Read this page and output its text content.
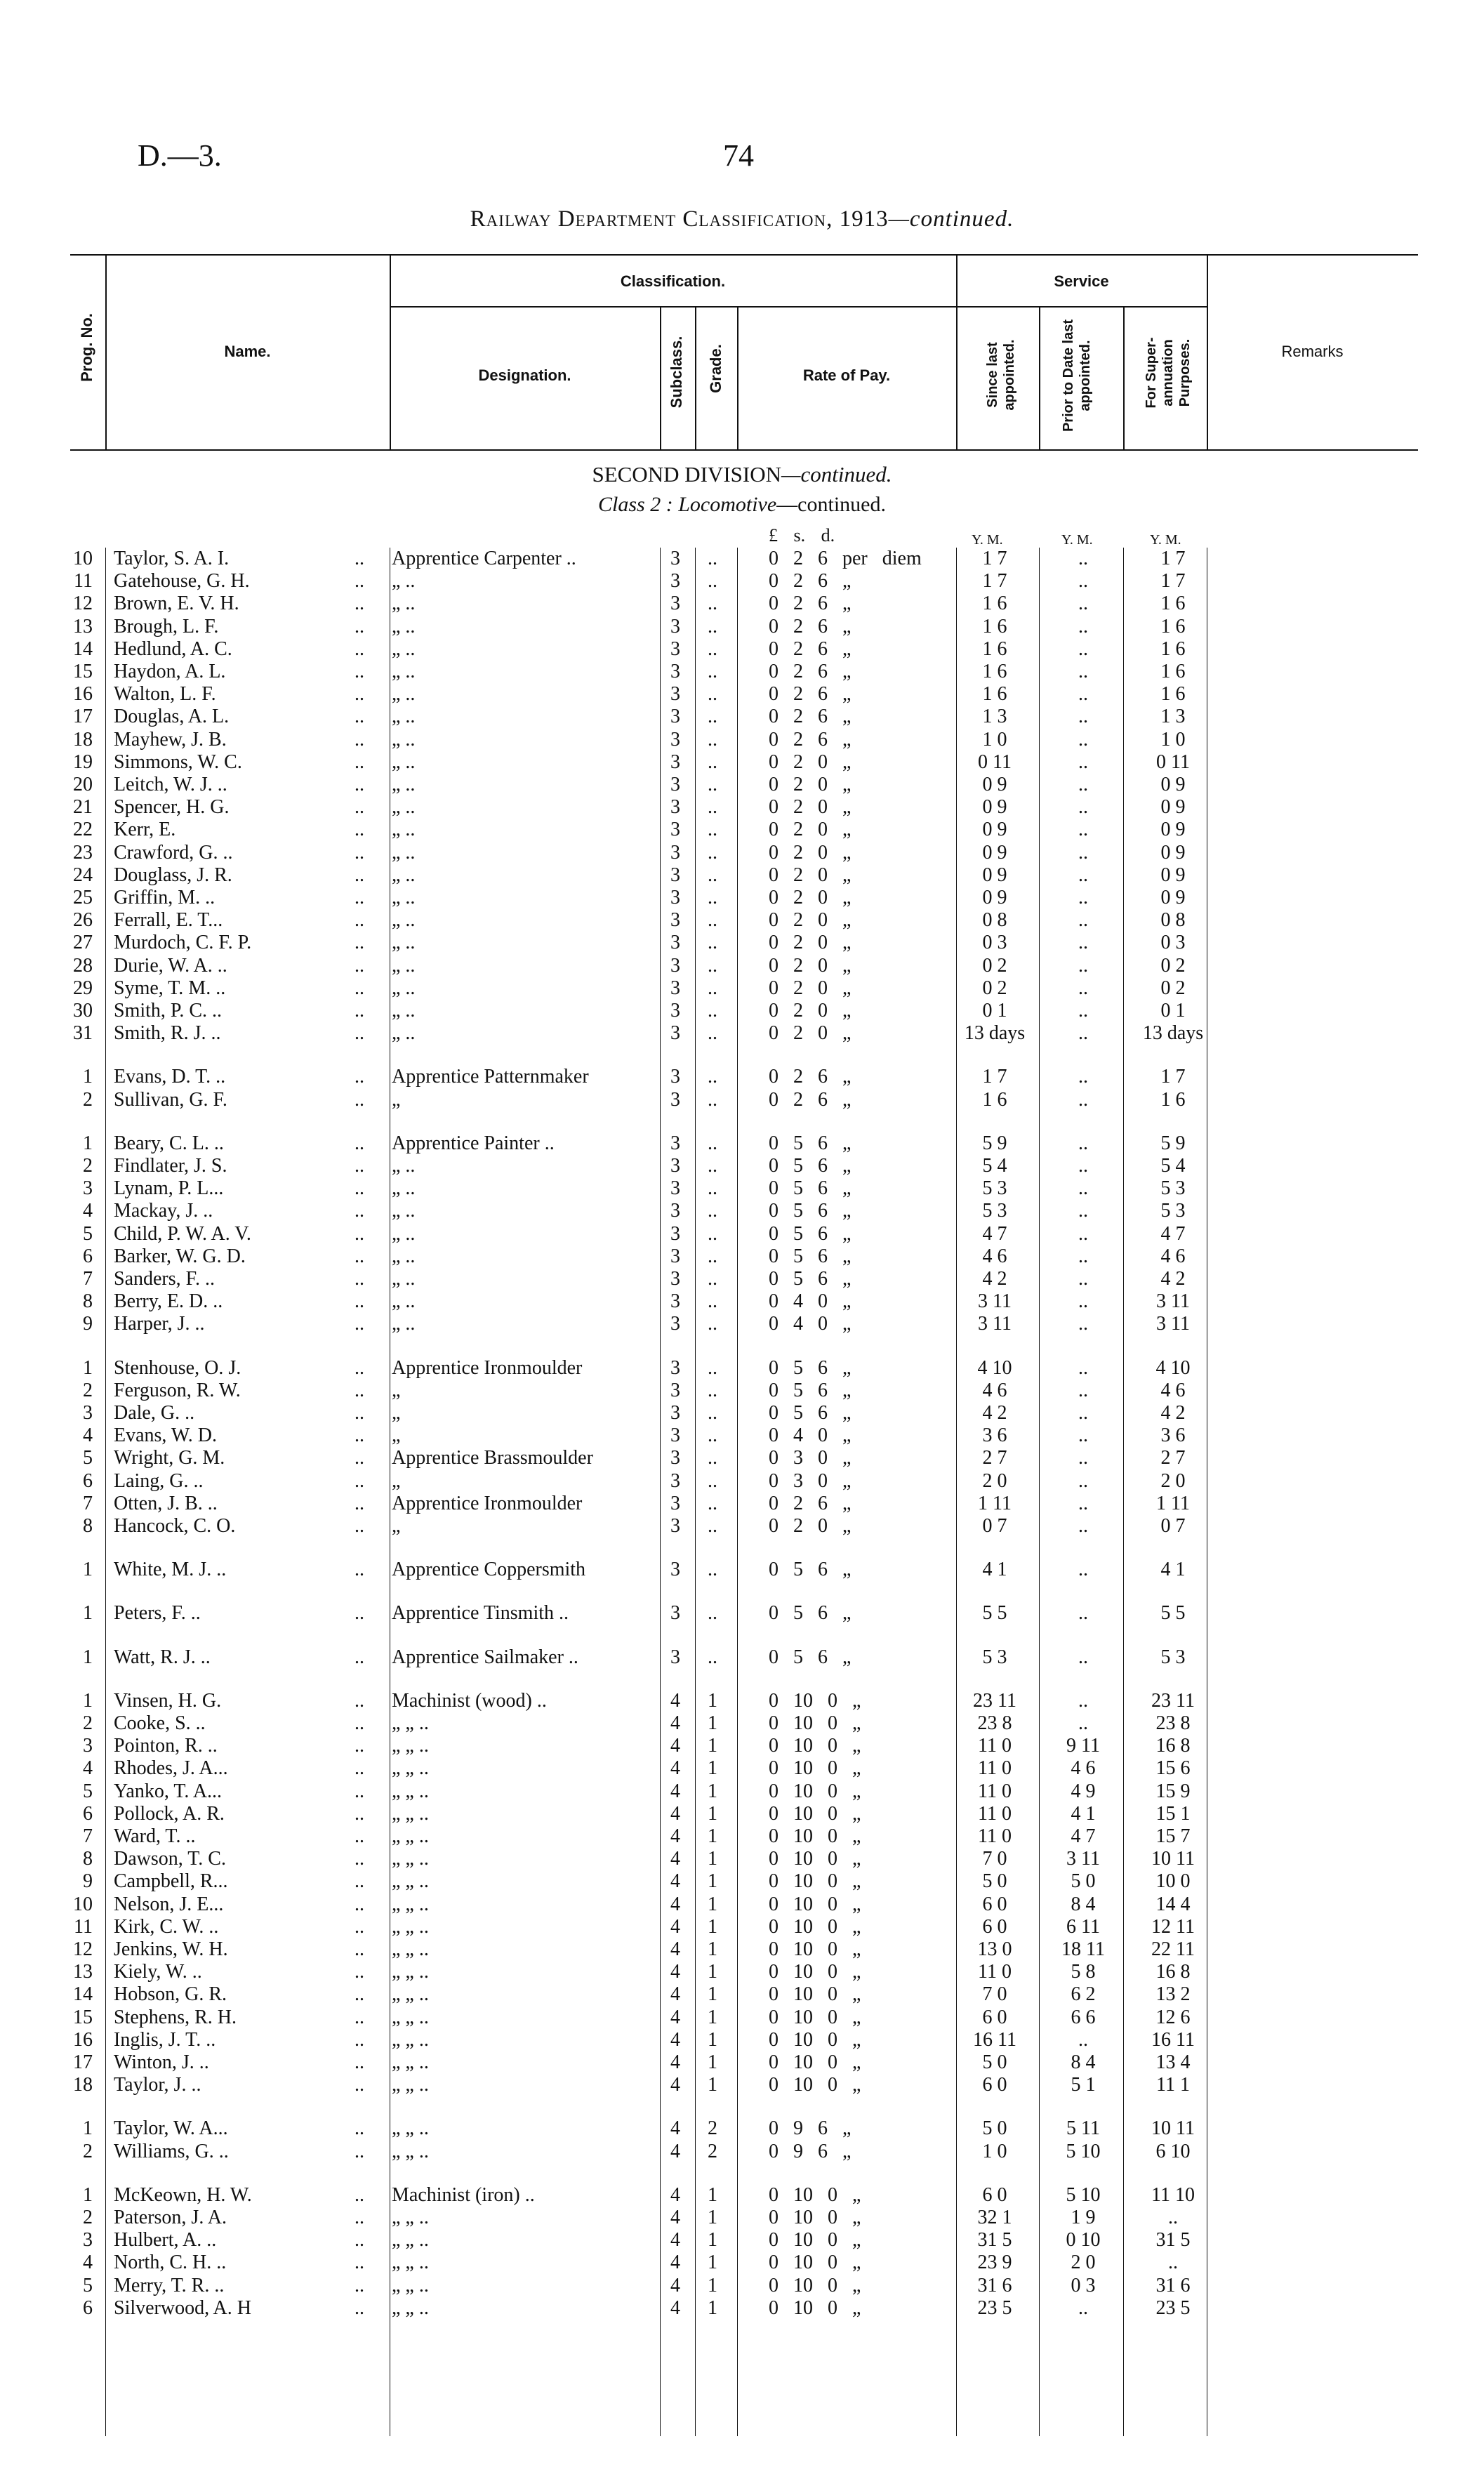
D.—3.	74
Railway Department Classification, 1913—continued.
Prog. No.	Name.
Classification.
Designation.	Subclass. Grade.	Rate of Pay.
Service
Since last appointed.	Prior to Date last appointed.	For Super- annuation Purposes.	Remarks
SECOND DIVISION—continued.
Class 2 : Locomotive—continued.
£ s. d.	Y. M.	Y. M.	Y. M.
10 Taylor, S. A. I.	.. Apprentice Carpenter ..	3 ..	0 2 6 per diem	1 7	..	1 7
11 Gatehouse, G. H.	.. „ ..	3 ..	0 2 6 „	1 7	..	1 7
12 Brown, E. V. H.	.. „ ..	3 ..	0 2 6 „	1 6	..	1 6
13 Brough, L. F.	.. „ ..	3 ..	0 2 6 „	1 6	..	1 6
14 Hedlund, A. C.	.. „ ..	3 ..	0 2 6 „	1 6	..	1 6
15 Haydon, A. L.	.. „ ..	3 ..	0 2 6 „	1 6	..	1 6
16 Walton, L. F.	.. „ ..	3 ..	0 2 6 „	1 6	..	1 6
17 Douglas, A. L.	.. „ ..	3 ..	0 2 6 „	1 3	..	1 3
18 Mayhew, J. B.	.. „ ..	3 ..	0 2 6 „	1 0	..	1 0
19 Simmons, W. C.	.. „ ..	3 ..	0 2 0 „	0 11	..	0 11
20 Leitch, W. J. ..	.. „ ..	3 ..	0 2 0 „	0 9	..	0 9
21 Spencer, H. G.	.. „ ..	3 ..	0 2 0 „	0 9	..	0 9
22 Kerr, E.	.. „ ..	3 ..	0 2 0 „	0 9	..	0 9
23 Crawford, G. ..	.. „ ..	3 ..	0 2 0 „	0 9	..	0 9
24 Douglass, J. R.	.. „ ..	3 ..	0 2 0 „	0 9	..	0 9
25 Griffin, M. ..	.. „ ..	3 ..	0 2 0 „	0 9	..	0 9
26 Ferrall, E. T...	.. „ ..	3 ..	0 2 0 „	0 8	..	0 8
27 Murdoch, C. F. P.	.. „ ..	3 ..	0 2 0 „	0 3	..	0 3
28 Durie, W. A. ..	.. „ ..	3 ..	0 2 0 „	0 2	..	0 2
29 Syme, T. M. ..	.. „ ..	3 ..	0 2 0 „	0 2	..	0 2
30 Smith, P. C. ..	.. „ ..	3 ..	0 2 0 „	0 1	..	0 1
31 Smith, R. J. ..	.. „ ..	3 ..	0 2 0 „	13 days	..	13 days
1 Evans, D. T. ..	.. Apprentice Patternmaker	3 ..	0 2 6 „	1 7	..	1 7
2 Sullivan, G. F.	.. „	3 ..	0 2 6 „	1 6	..	1 6
1 Beary, C. L. ..	.. Apprentice Painter ..	3 ..	0 5 6 „	5 9	..	5 9
2 Findlater, J. S.	.. „ ..	3 ..	0 5 6 „	5 4	..	5 4
3 Lynam, P. L...	.. „ ..	3 ..	0 5 6 „	5 3	..	5 3
4 Mackay, J. ..	.. „ ..	3 ..	0 5 6 „	5 3	..	5 3
5 Child, P. W. A. V.	.. „ ..	3 ..	0 5 6 „	4 7	..	4 7
6 Barker, W. G. D.	.. „ ..	3 ..	0 5 6 „	4 6	..	4 6
7 Sanders, F. ..	.. „ ..	3 ..	0 5 6 „	4 2	..	4 2
8 Berry, E. D. ..	.. „ ..	3 ..	0 4 0 „	3 11	..	3 11
9 Harper, J. ..	.. „ ..	3 ..	0 4 0 „	3 11	..	3 11
1 Stenhouse, O. J.	.. Apprentice Ironmoulder	3 ..	0 5 6 „	4 10	..	4 10
2 Ferguson, R. W.	.. „	3 ..	0 5 6 „	4 6	..	4 6
3 Dale, G. ..	.. „	3 ..	0 5 6 „	4 2	..	4 2
4 Evans, W. D.	.. „	3 ..	0 4 0 „	3 6	..	3 6
5 Wright, G. M.	.. Apprentice Brassmoulder	3 ..	0 3 0 „	2 7	..	2 7
6 Laing, G. ..	.. „	3 ..	0 3 0 „	2 0	..	2 0
7 Otten, J. B. ..	.. Apprentice Ironmoulder	3 ..	0 2 6 „	1 11	..	1 11
8 Hancock, C. O.	.. „	3 ..	0 2 0 „	0 7	..	0 7
1 White, M. J. ..	.. Apprentice Coppersmith	3 ..	0 5 6 „	4 1	..	4 1
1 Peters, F. ..	.. Apprentice Tinsmith ..	3 ..	0 5 6 „	5 5	..	5 5
1 Watt, R. J. ..	.. Apprentice Sailmaker ..	3 ..	0 5 6 „	5 3	..	5 3
1 Vinsen, H. G.	.. Machinist (wood) ..	4 1	0 10 0 „	23 11	..	23 11
2 Cooke, S. ..	.. „ „ ..	4 1	0 10 0 „	23 8	..	23 8
3 Pointon, R. ..	.. „ „ ..	4 1	0 10 0 „	11 0	9 11	16 8
4 Rhodes, J. A...	.. „ „ ..	4 1	0 10 0 „	11 0	4 6	15 6
5 Yanko, T. A...	.. „ „ ..	4 1	0 10 0 „	11 0	4 9	15 9
6 Pollock, A. R.	.. „ „ ..	4 1	0 10 0 „	11 0	4 1	15 1
7 Ward, T. ..	.. „ „ ..	4 1	0 10 0 „	11 0	4 7	15 7
8 Dawson, T. C.	.. „ „ ..	4 1	0 10 0 „	7 0	3 11	10 11
9 Campbell, R...	.. „ „ ..	4 1	0 10 0 „	5 0	5 0	10 0
10 Nelson, J. E...	.. „ „ ..	4 1	0 10 0 „	6 0	8 4	14 4
11 Kirk, C. W. ..	.. „ „ ..	4 1	0 10 0 „	6 0	6 11	12 11
12 Jenkins, W. H.	.. „ „ ..	4 1	0 10 0 „	13 0	18 11	22 11
13 Kiely, W. ..	.. „ „ ..	4 1	0 10 0 „	11 0	5 8	16 8
14 Hobson, G. R.	.. „ „ ..	4 1	0 10 0 „	7 0	6 2	13 2
15 Stephens, R. H.	.. „ „ ..	4 1	0 10 0 „	6 0	6 6	12 6
16 Inglis, J. T. ..	.. „ „ ..	4 1	0 10 0 „	16 11	..	16 11
17 Winton, J. ..	.. „ „ ..	4 1	0 10 0 „	5 0	8 4	13 4
18 Taylor, J. ..	.. „ „ ..	4 1	0 10 0 „	6 0	5 1	11 1
1 Taylor, W. A...	.. „ „ ..	4 2	0 9 6 „	5 0	5 11	10 11
2 Williams, G. ..	.. „ „ ..	4 2	0 9 6 „	1 0	5 10	6 10
1 McKeown, H. W.	.. Machinist (iron) ..	4 1	0 10 0 „	6 0	5 10	11 10
2 Paterson, J. A.	.. „ „ ..	4 1	0 10 0 „	32 1	1 9	..
3 Hulbert, A. ..	.. „ „ ..	4 1	0 10 0 „	31 5	0 10	31 5
4 North, C. H. ..	.. „ „ ..	4 1	0 10 0 „	23 9	2 0	..
5 Merry, T. R. ..	.. „ „ ..	4 1	0 10 0 „	31 6	0 3	31 6
6 Silverwood, A. H	.. „ „ ..	4 1	0 10 0 „	23 5	..	23 5
